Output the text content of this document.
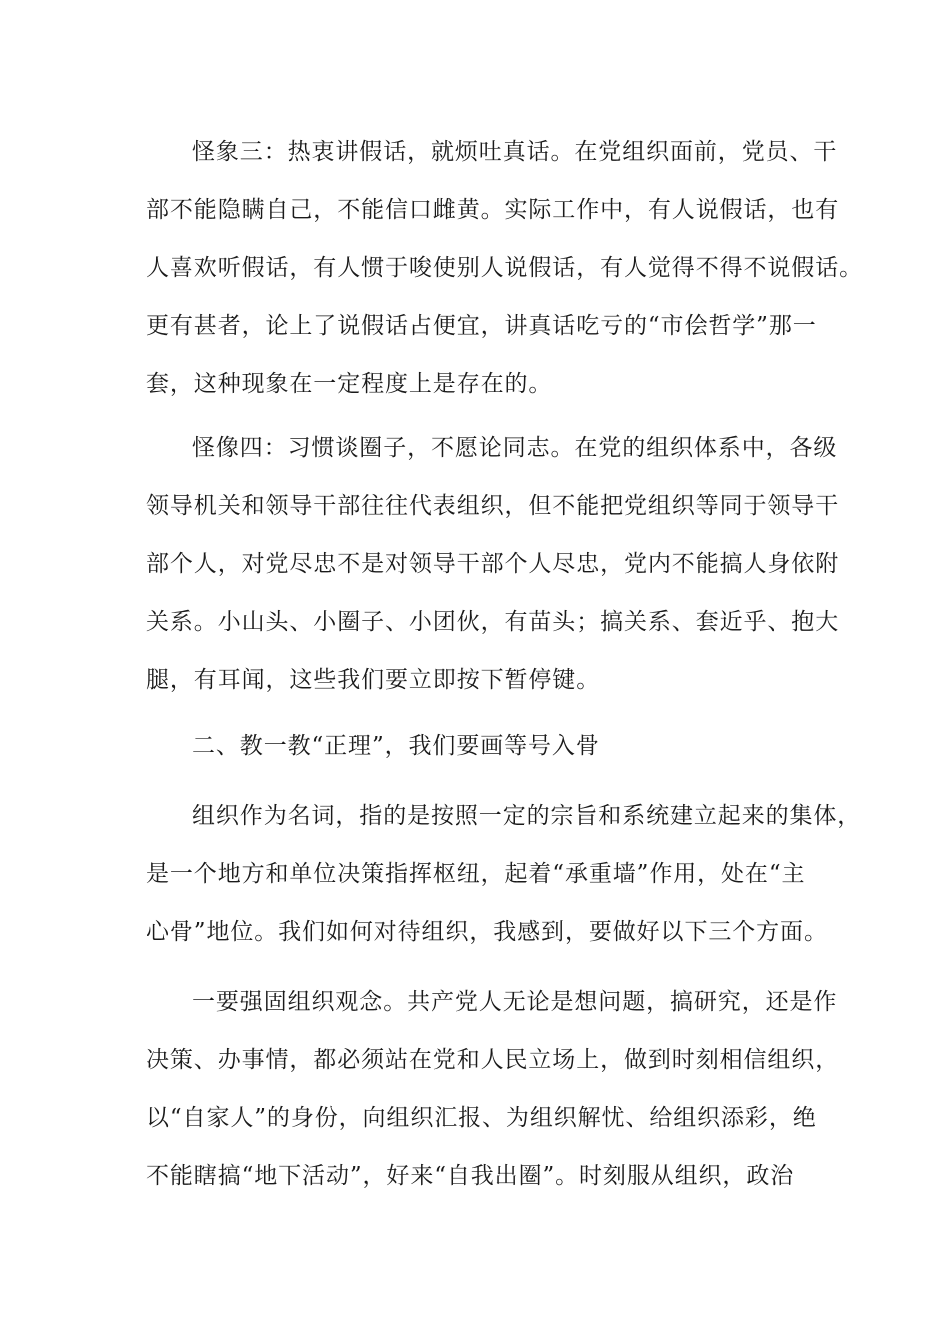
怪象三：热衷讲假话，就烦吐真话。在党组织面前，党员、干
部不能隐瞒自己，不能信口雌黄。实际工作中，有人说假话，也有
人喜欢听假话，有人惯于唆使别人说假话，有人觉得不得不说假话。
更有甚者，论上了说假话占便宜，讲真话吃亏的“市侩哲学”那一
套，这种现象在一定程度上是存在的。
怪像四：习惯谈圈子，不愿论同志。在党的组织体系中，各级
领导机关和领导干部往往代表组织，但不能把党组织等同于领导干
部个人，对党尽忠不是对领导干部个人尽忠，党内不能搞人身依附
关系。小山头、小圈子、小团伙，有苗头；搞关系、套近乎、抱大
腿，有耳闻，这些我们要立即按下暂停键。
二、教一教“正理”，我们要画等号入骨
组织作为名词，指的是按照一定的宗旨和系统建立起来的集体，
是一个地方和单位决策指挥枢纽，起着“承重墙”作用，处在“主
心骨”地位。我们如何对待组织，我感到，要做好以下三个方面。
一要强固组织观念。共产党人无论是想问题，搞研究，还是作
决策、办事情，都必须站在党和人民立场上，做到时刻相信组织，
以“自家人”的身份，向组织汇报、为组织解忧、给组织添彩，绝
不能瞎搞“地下活动”，好来“自我出圈”。时刻服从组织，政治
